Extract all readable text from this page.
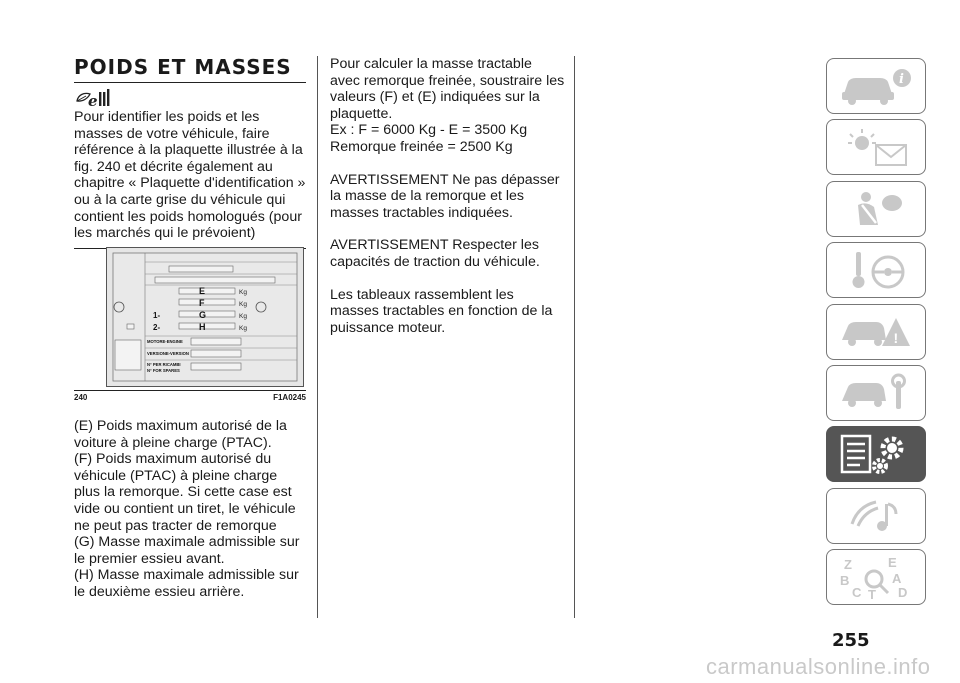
POIDS ET MASSES
e

Pour identifier les poids et les masses de votre véhicule, faire référence à la plaquette illustrée à la fig. 240 et décrite également au chapitre « Plaquette d'identification » ou à la carte grise du véhicule qui contient les poids homologués (pour les marchés qui le prévoient)

E
F
G
H
1-
2-
Kg
Kg
Kg
Kg
MOTORE-ENGINE
VERSIONE-VERSION
N° PER RICAMBI
N° FOR SPARES
240	F1A0245

(E) Poids maximum autorisé de la voiture à pleine charge (PTAC).

(F) Poids maximum autorisé du véhicule (PTAC) à pleine charge plus la remorque. Si cette case est vide ou contient un tiret, le véhicule ne peut pas tracter de remorque

(G) Masse maximale admissible sur le premier essieu avant.

(H) Masse maximale admissible sur le deuxième essieu arrière.

Pour calculer la masse tractable avec remorque freinée, soustraire les valeurs (F) et (E) indiquées sur la plaquette.

Ex : F = 6000 Kg - E = 3500 Kg

Remorque freinée = 2500 Kg

AVERTISSEMENT Ne pas dépasser la masse de la remorque et les masses tractables indiquées.

AVERTISSEMENT Respecter les capacités de traction du véhicule.

Les tableaux rassemblent les masses tractables en fonction de la puissance moteur.

i
!
Z	E
B	A
C T D
255
carmanualsonline.info
